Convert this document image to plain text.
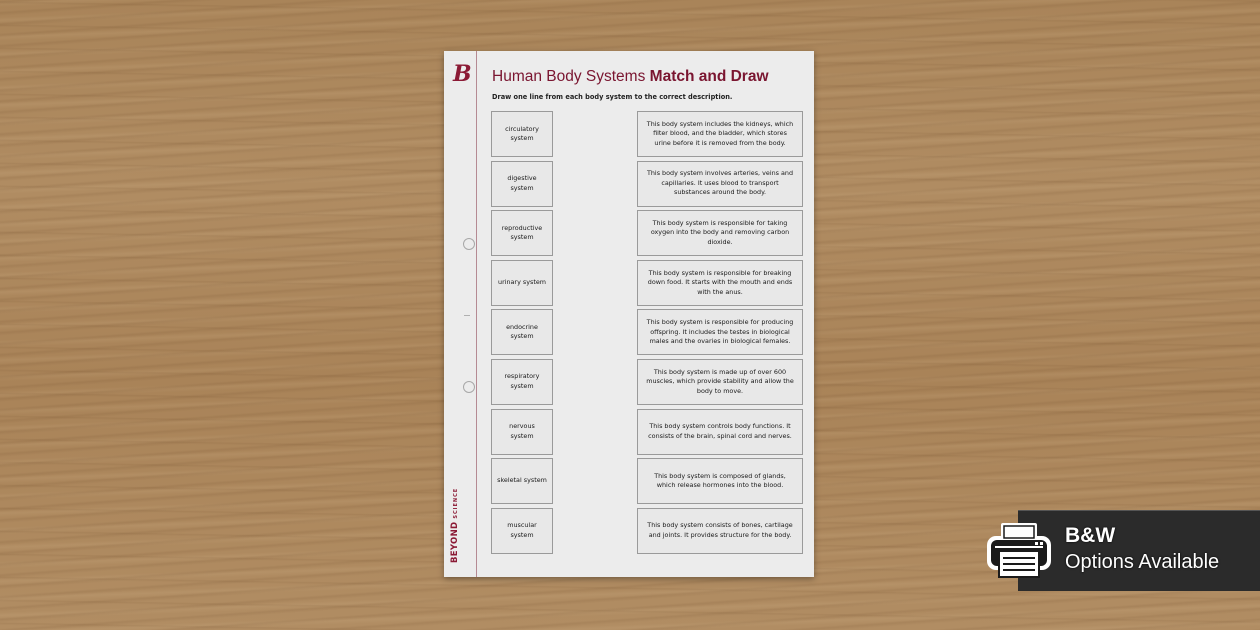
B
BEYONDSCIENCE
Human Body Systems Match and Draw
Draw one line from each body system to the correct description.
circulatory system
digestive system
reproductive system
urinary system
endocrine system
respiratory system
nervous system
skeletal system
muscular system
This body system includes the kidneys, which filter blood, and the bladder, which stores urine before it is removed from the body.
This body system involves arteries, veins and capillaries. It uses blood to transport substances around the body.
This body system is responsible for taking oxygen into the body and removing carbon dioxide.
This body system is responsible for breaking down food. It starts with the mouth and ends with the anus.
This body system is responsible for producing offspring. It includes the testes in biological males and the ovaries in biological females.
This body system is made up of over 600 muscles, which provide stability and allow the body to move.
This body system controls body functions. It consists of the brain, spinal cord and nerves.
This body system is composed of glands, which release hormones into the blood.
This body system consists of bones, cartilage and joints. It provides structure for the body.	B&W
Options Available
